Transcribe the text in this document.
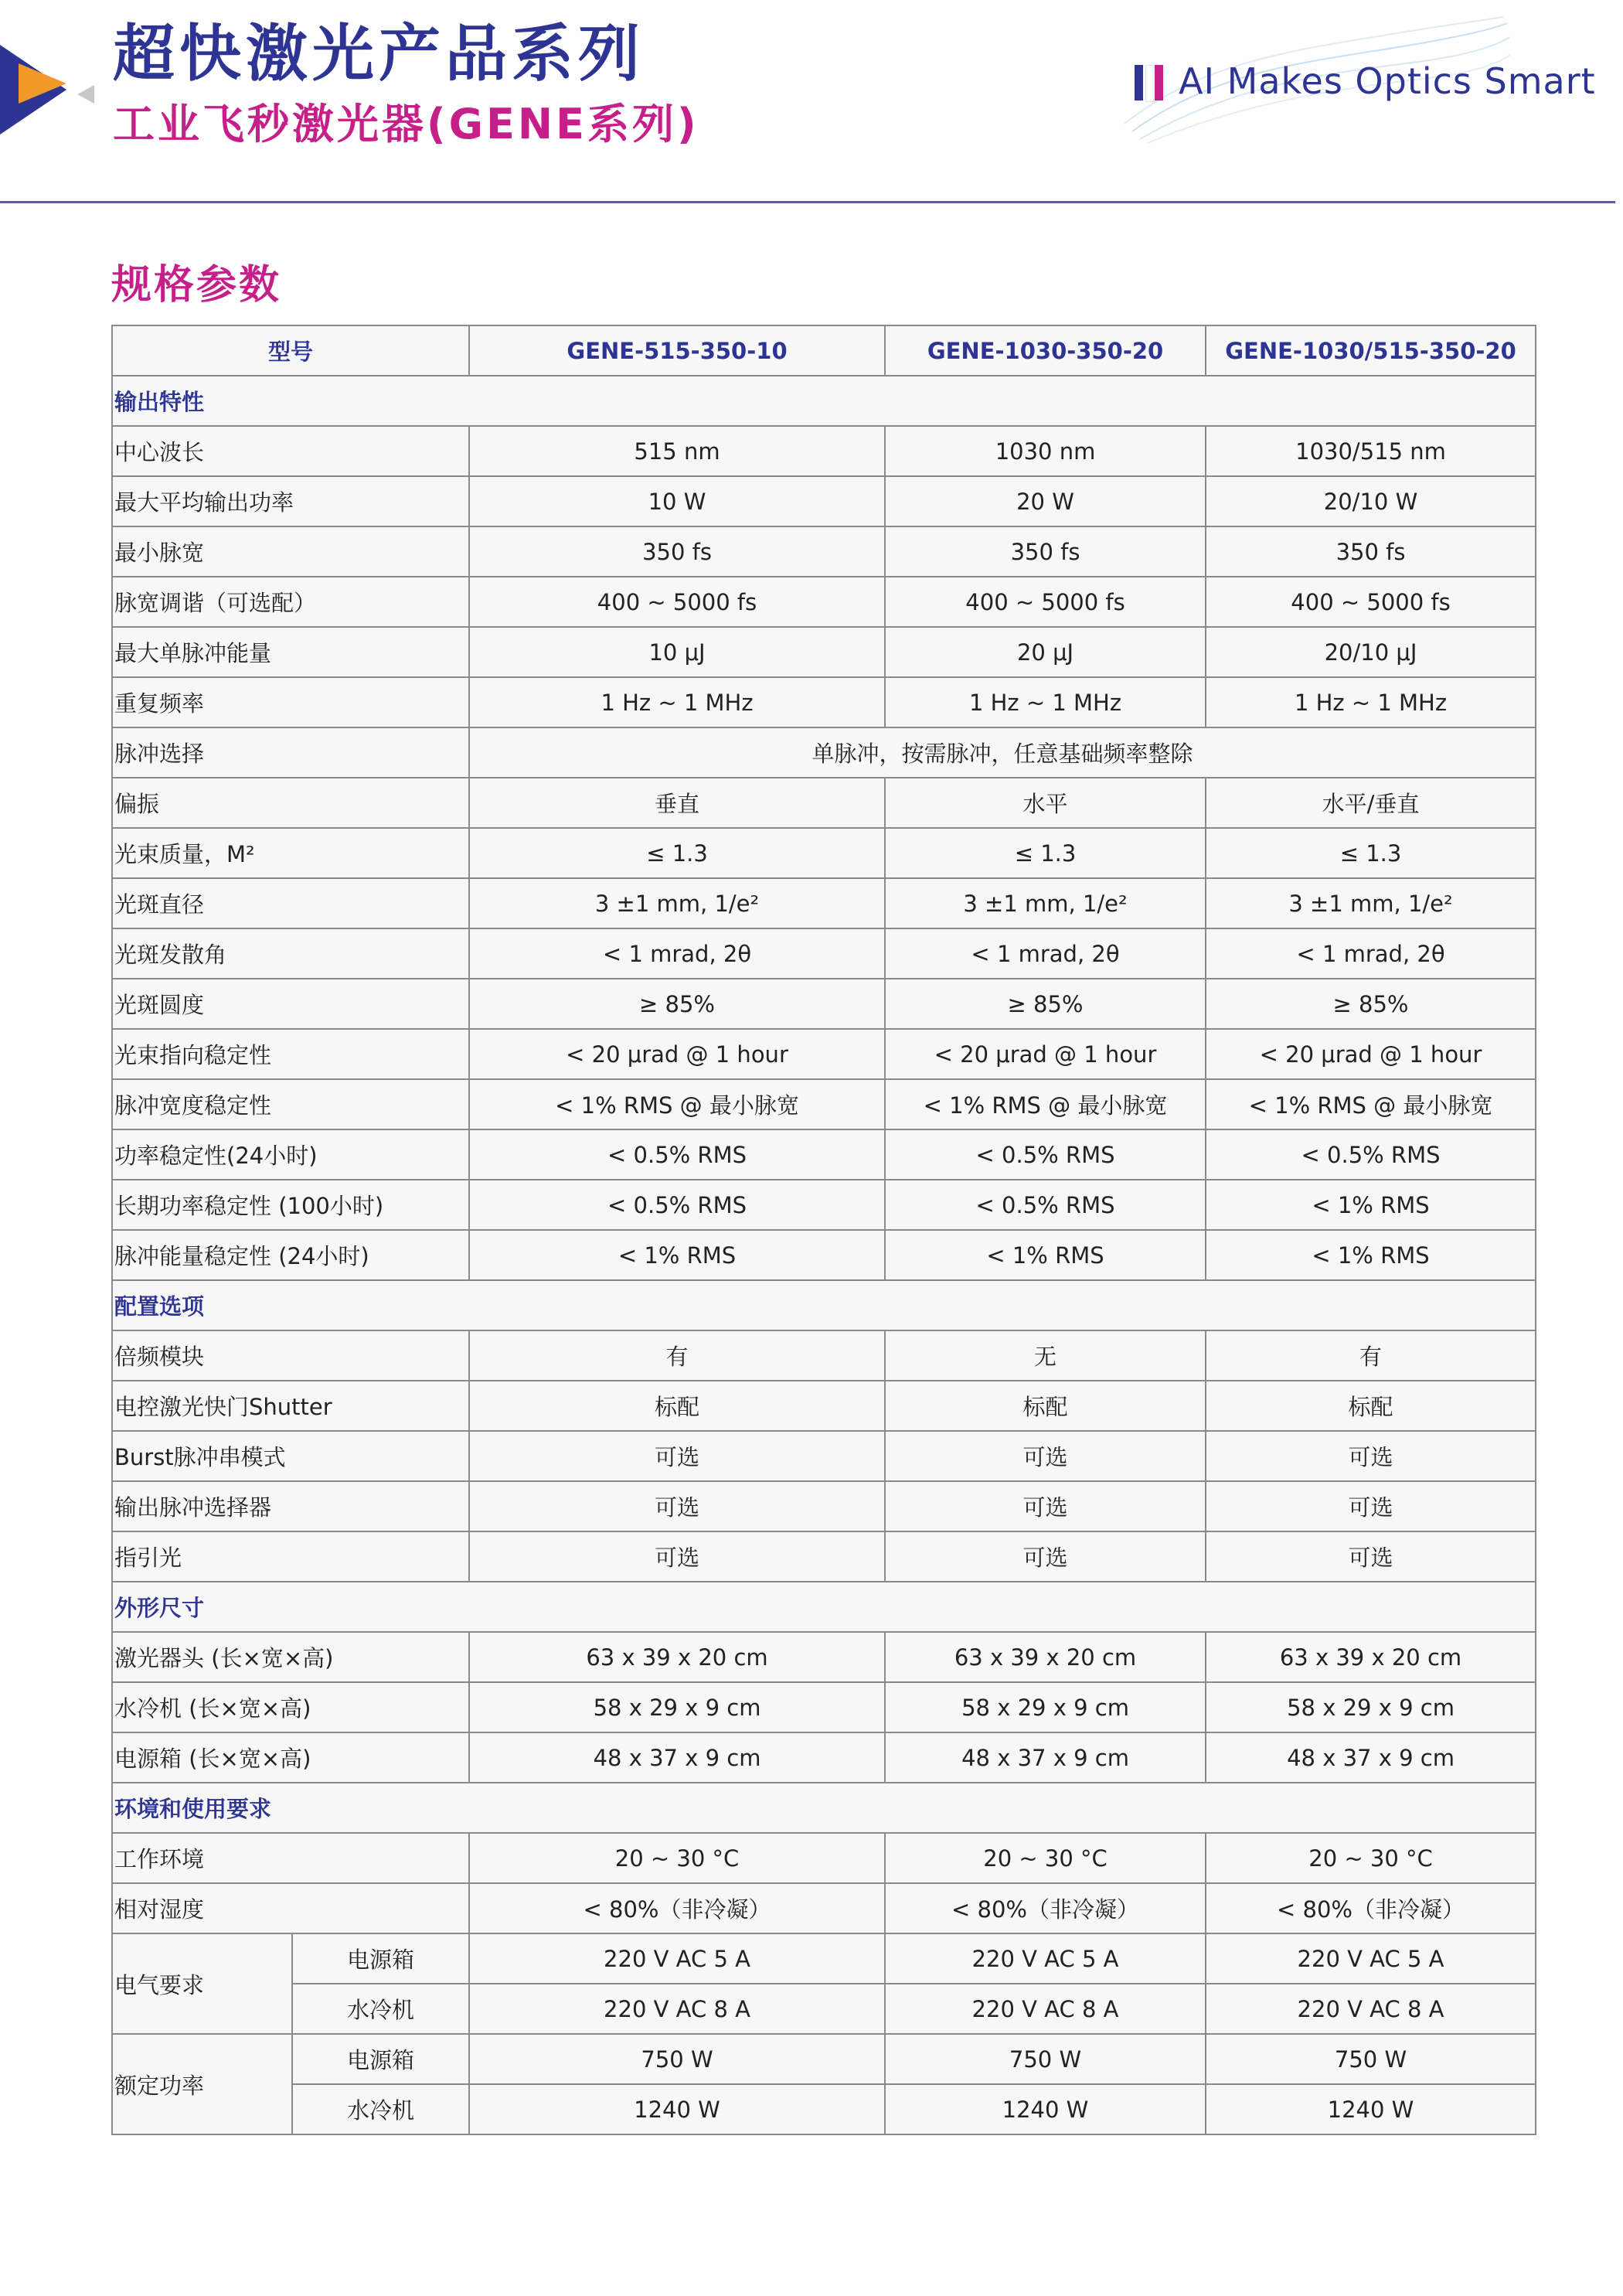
超快激光产品系列
工业飞秒激光器(GENE系列)
AI Makes Optics Smart
规格参数
型号		GENE-515-350-10	GENE-1030-350-20	GENE-1030/515-350-20
输出特性				
中心波长		515 nm	1030 nm	1030/515 nm
最大平均输出功率		10 W	20 W	20/10 W
最小脉宽		350 fs	350 fs	350 fs
脉宽调谐（可选配）		400 ~ 5000 fs	400 ~ 5000 fs	400 ~ 5000 fs
最大单脉冲能量		10 μJ	20 μJ	20/10 μJ
重复频率		1 Hz ~ 1 MHz	1 Hz ~ 1 MHz	1 Hz ~ 1 MHz
脉冲选择		单脉冲，按需脉冲，任意基础频率整除		
偏振		垂直	水平	水平/垂直
光束质量，M²		≤ 1.3	≤ 1.3	≤ 1.3
光斑直径		3 ±1 mm, 1/e²	3 ±1 mm, 1/e²	3 ±1 mm, 1/e²
光斑发散角		< 1 mrad, 2θ	< 1 mrad, 2θ	< 1 mrad, 2θ
光斑圆度		≥ 85%	≥ 85%	≥ 85%
光束指向稳定性		< 20 μrad @ 1 hour	< 20 μrad @ 1 hour	< 20 μrad @ 1 hour
脉冲宽度稳定性		< 1% RMS @ 最小脉宽	< 1% RMS @ 最小脉宽	< 1% RMS @ 最小脉宽
功率稳定性(24小时)		< 0.5% RMS	< 0.5% RMS	< 0.5% RMS
长期功率稳定性 (100小时)		< 0.5% RMS	< 0.5% RMS	< 1% RMS
脉冲能量稳定性 (24小时)		< 1% RMS	< 1% RMS	< 1% RMS
配置选项				
倍频模块		有	无	有
电控激光快门Shutter		标配	标配	标配
Burst脉冲串模式		可选	可选	可选
输出脉冲选择器		可选	可选	可选
指引光		可选	可选	可选
外形尺寸				
激光器头 (长×宽×高)		63 x 39 x 20 cm	63 x 39 x 20 cm	63 x 39 x 20 cm
水冷机 (长×宽×高)		58 x 29 x 9 cm	58 x 29 x 9 cm	58 x 29 x 9 cm
电源箱 (长×宽×高)		48 x 37 x 9 cm	48 x 37 x 9 cm	48 x 37 x 9 cm
环境和使用要求				
工作环境		20 ~ 30 °C	20 ~ 30 °C	20 ~ 30 °C
相对湿度		< 80%（非冷凝）	< 80%（非冷凝）	< 80%（非冷凝）
电气要求	电源箱	220 V AC 5 A	220 V AC 5 A	220 V AC 5 A
	水冷机	220 V AC 8 A	220 V AC 8 A	220 V AC 8 A
额定功率	电源箱	750 W	750 W	750 W
	水冷机	1240 W	1240 W	1240 W
